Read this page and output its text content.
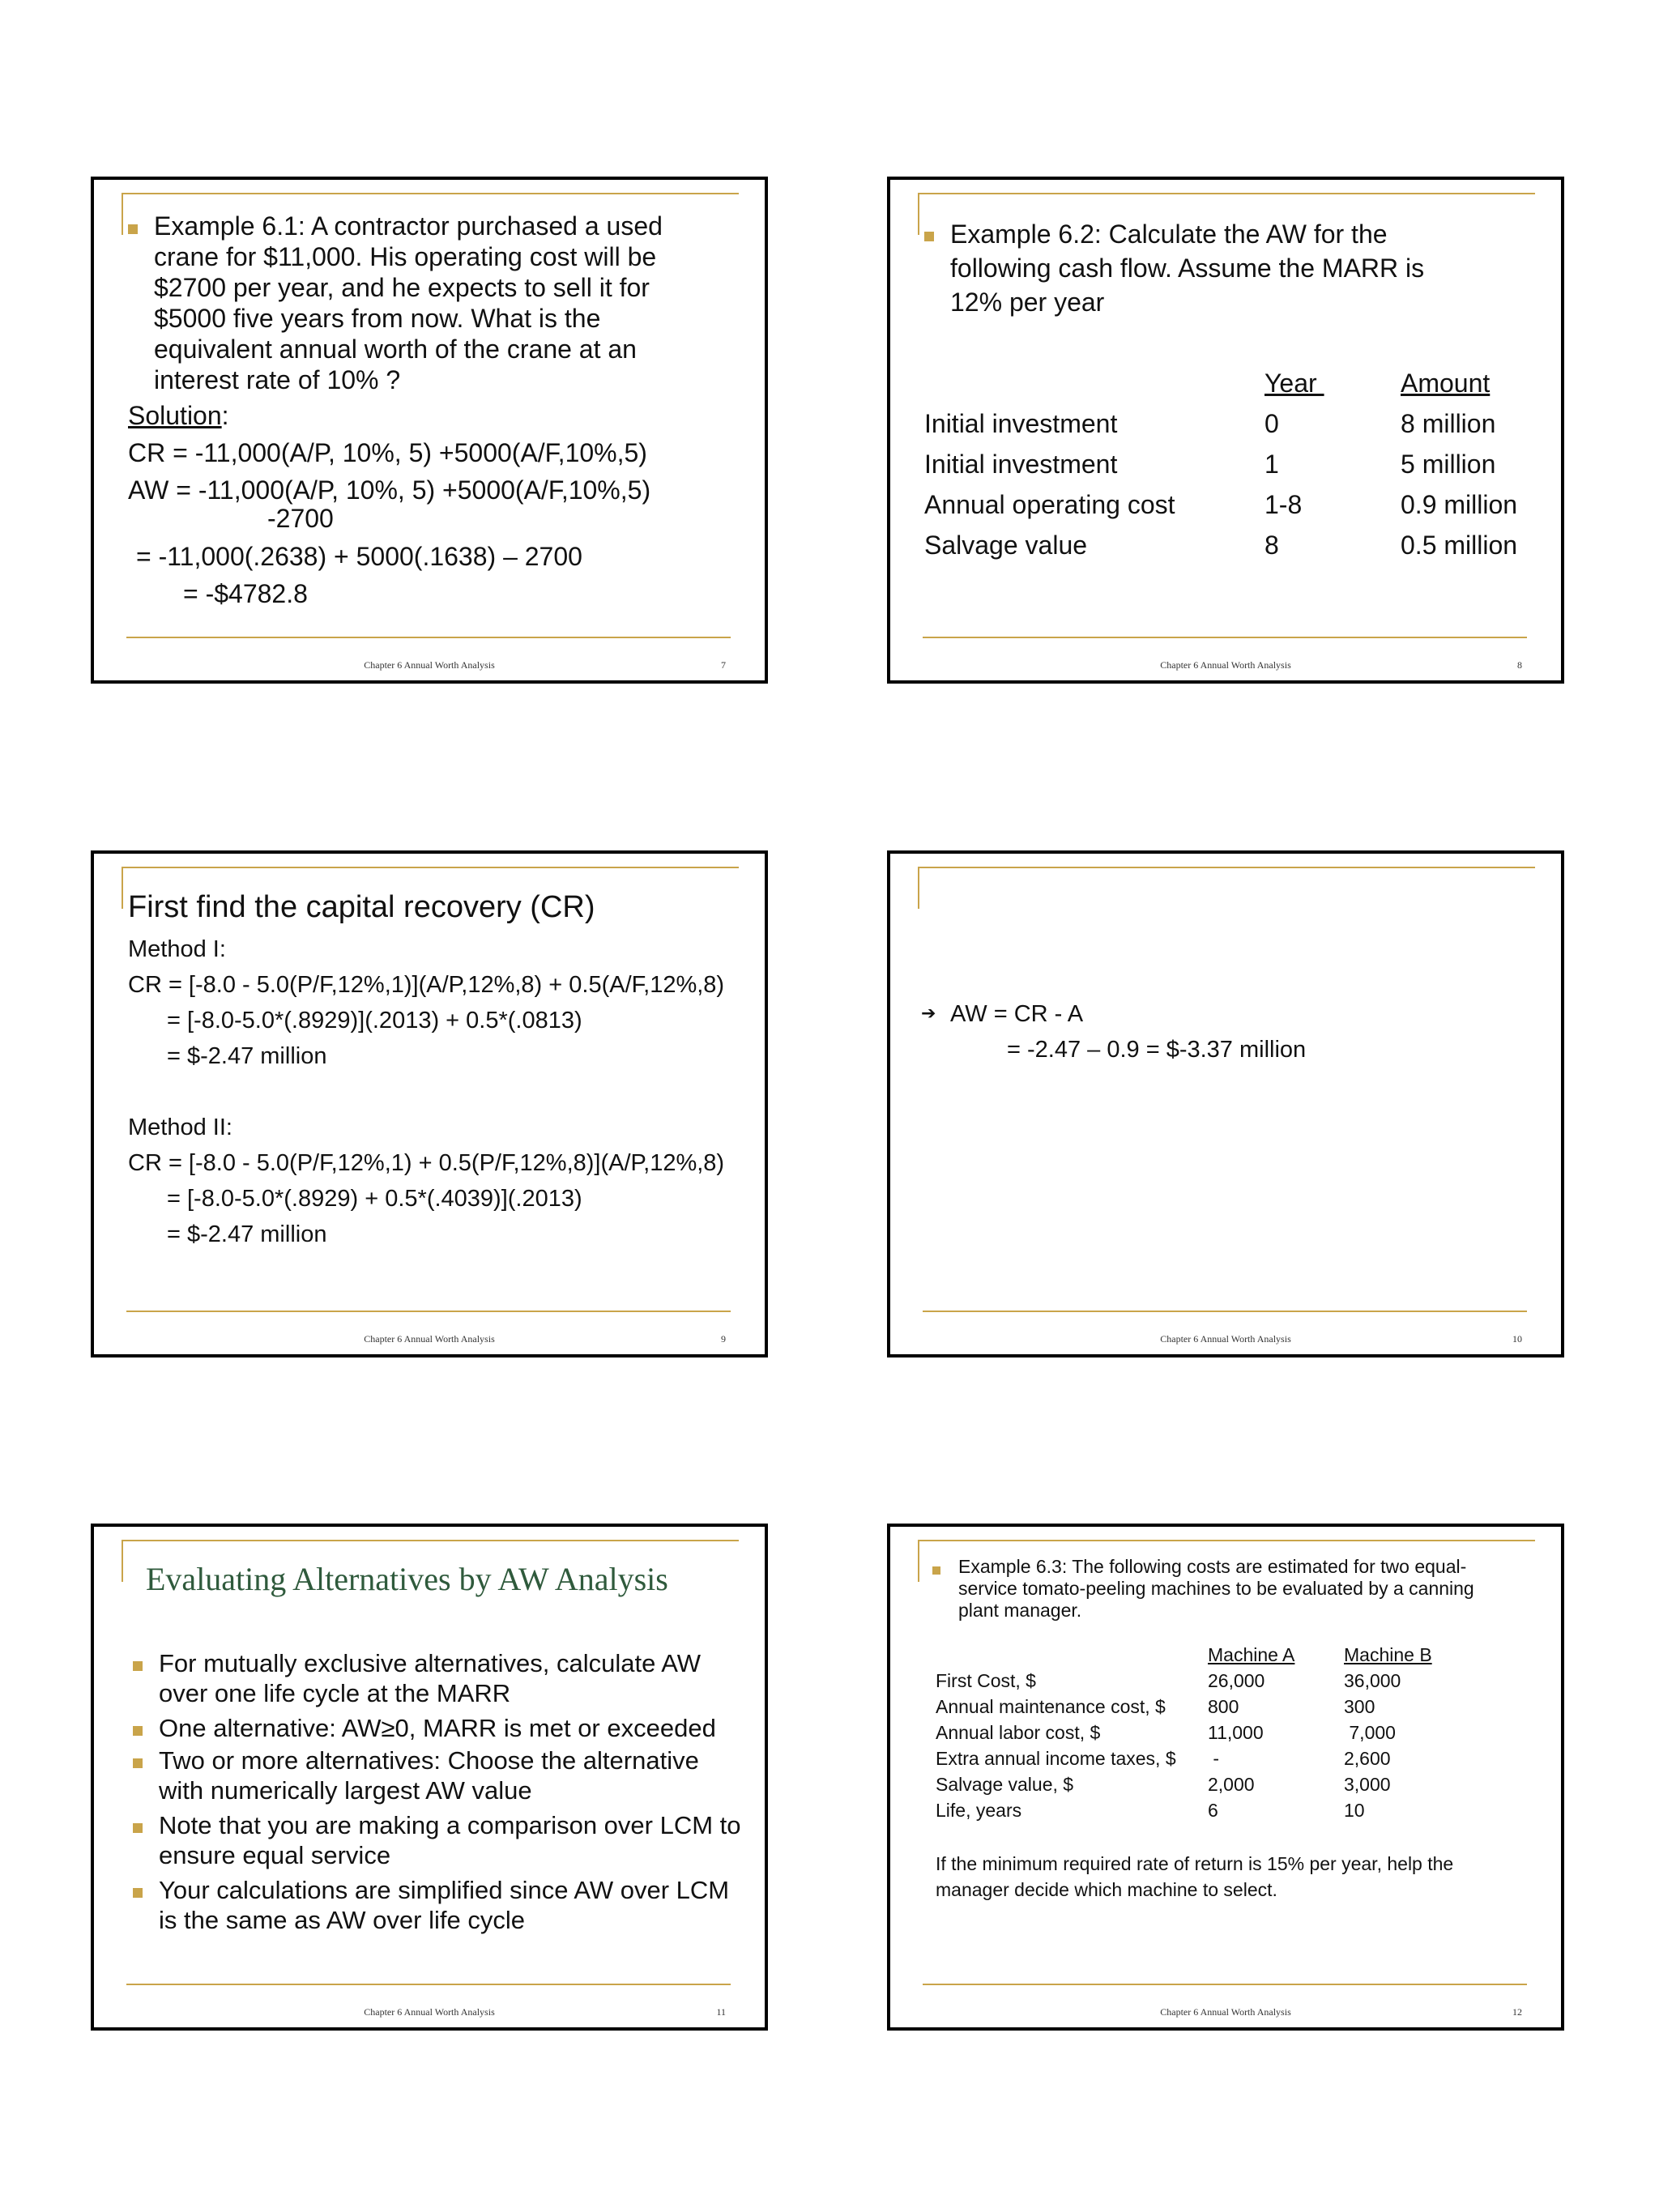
Example 6.1: A contractor purchased a used
crane for $11,000. His operating cost will be
$2700 per year, and he expects to sell it for
$5000 five years from now. What is the
equivalent annual worth of the crane at an
interest rate of 10% ?
Solution:
CR = -11,000(A/P, 10%, 5) +5000(A/F,10%,5)
AW = -11,000(A/P, 10%, 5) +5000(A/F,10%,5)
-2700
= -11,000(.2638) + 5000(.1638) – 2700
= -$4782.8
Chapter 6 Annual Worth Analysis	7
Example 6.2: Calculate the AW for the
following cash flow. Assume the MARR is
12% per year
Year	Amount
Initial investment	0	8 million
Initial investment	1	5 million
Annual operating cost	1-8	0.9 million
Salvage value	8	0.5 million
Chapter 6 Annual Worth Analysis	8
First find the capital recovery (CR)
Method I:
CR = [-8.0 - 5.0(P/F,12%,1)](A/P,12%,8) + 0.5(A/F,12%,8)
= [-8.0-5.0*(.8929)](.2013) + 0.5*(.0813)
= $-2.47 million
Method II:
CR = [-8.0 - 5.0(P/F,12%,1) + 0.5(P/F,12%,8)](A/P,12%,8)
= [-8.0-5.0*(.8929) + 0.5*(.4039)](.2013)
= $-2.47 million
Chapter 6 Annual Worth Analysis	9
➔ AW = CR - A
= -2.47 – 0.9 = $-3.37 million
Chapter 6 Annual Worth Analysis	10
Evaluating Alternatives by AW Analysis
For mutually exclusive alternatives, calculate AW
over one life cycle at the MARR
One alternative: AW≥0, MARR is met or exceeded
Two or more alternatives: Choose the alternative
with numerically largest AW value
Note that you are making a comparison over LCM to
ensure equal service
Your calculations are simplified since AW over LCM
is the same as AW over life cycle
Chapter 6 Annual Worth Analysis	11
Example 6.3: The following costs are estimated for two equal-
service tomato-peeling machines to be evaluated by a canning
plant manager.
Machine A	Machine B
First Cost, $	26,000	36,000
Annual maintenance cost, $ 800	300
Annual labor cost, $	11,000	7,000
Extra annual income taxes, $ -	2,600
Salvage value, $	2,000	3,000
Life, years	6	10
If the minimum required rate of return is 15% per year, help the
manager decide which machine to select.
Chapter 6 Annual Worth Analysis	12
